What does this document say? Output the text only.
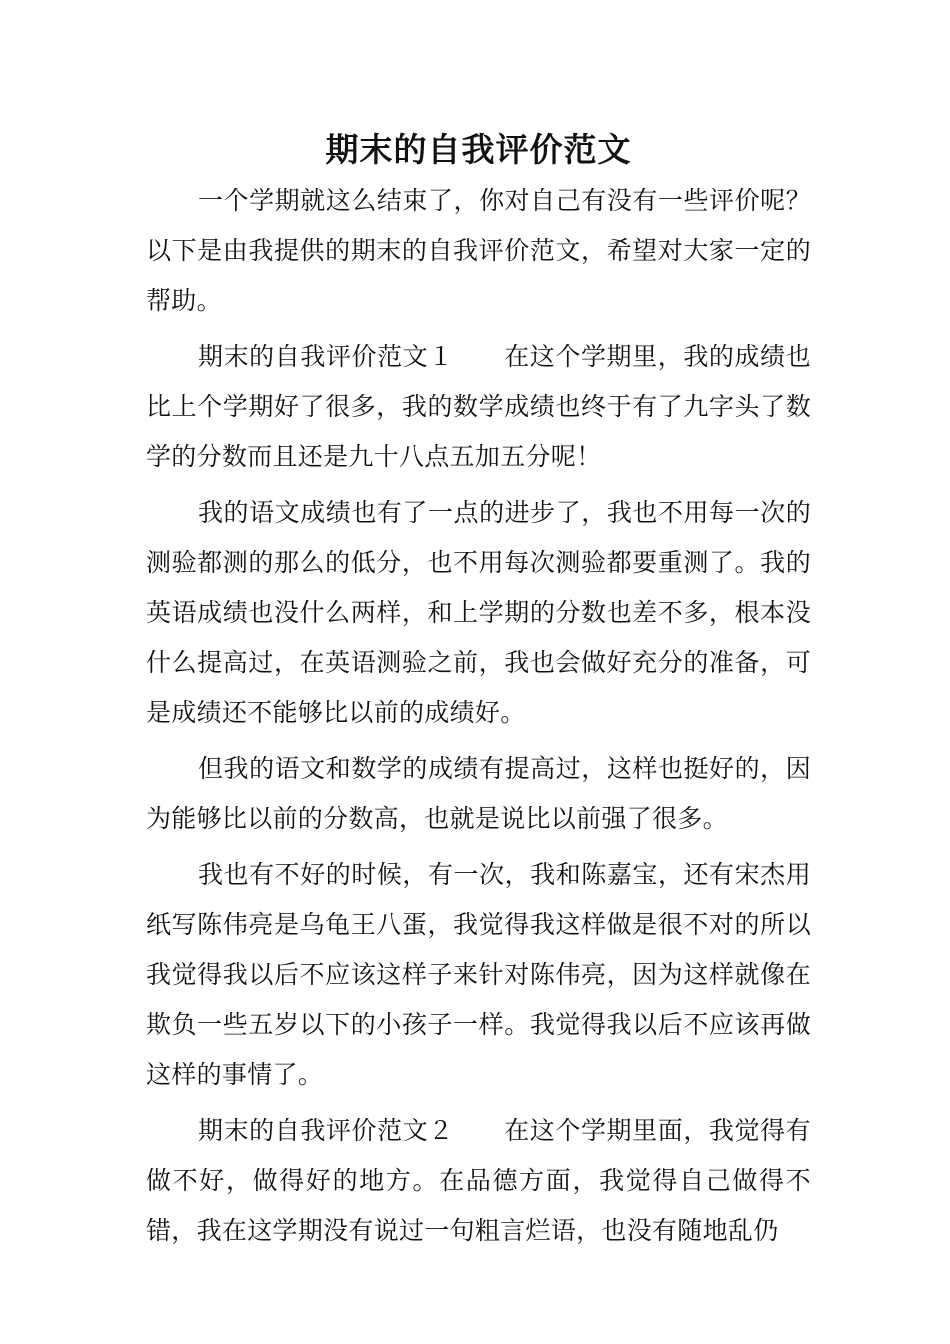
期末的自我评价范文

一个学期就这么结束了，你对自己有没有一些评价呢？以下是由我提供的期末的自我评价范文，希望对大家一定的帮助。

期末的自我评价范文１ 在这个学期里，我的成绩也比上个学期好了很多，我的数学成绩也终于有了九字头了数学的分数而且还是九十八点五加五分呢！

我的语文成绩也有了一点的进步了，我也不用每一次的测验都测的那么的低分，也不用每次测验都要重测了。我的英语成绩也没什么两样，和上学期的分数也差不多，根本没什么提高过，在英语测验之前，我也会做好充分的准备，可是成绩还不能够比以前的成绩好。

但我的语文和数学的成绩有提高过，这样也挺好的，因为能够比以前的分数高，也就是说比以前强了很多。

我也有不好的时候，有一次，我和陈嘉宝，还有宋杰用纸写陈伟亮是乌龟王八蛋，我觉得我这样做是很不对的所以我觉得我以后不应该这样子来针对陈伟亮，因为这样就像在欺负一些五岁以下的小孩子一样。我觉得我以后不应该再做这样的事情了。

期末的自我评价范文２ 在这个学期里面，我觉得有做不好，做得好的地方。在品德方面，我觉得自己做得不错，我在这学期没有说过一句粗言烂语，也没有随地乱仍
